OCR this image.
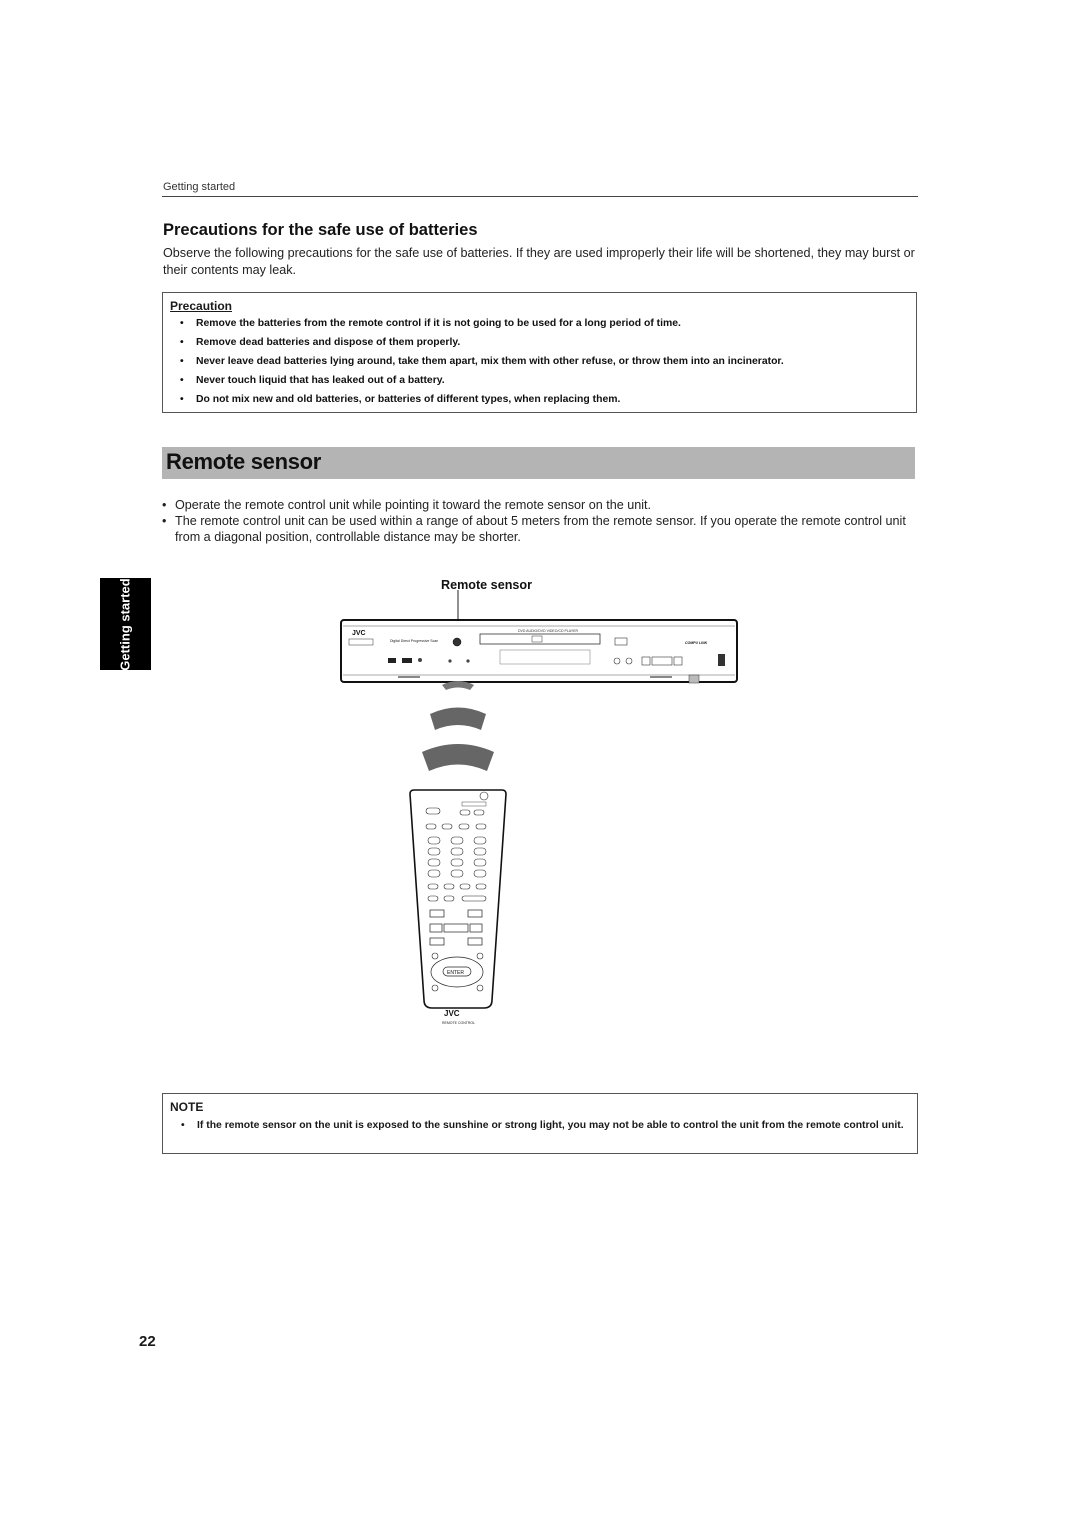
Getting started
Precautions for the safe use of batteries
Observe the following precautions for the safe use of batteries. If they are used improperly their life will be shortened, they may burst or their contents may leak.
Precaution
• Remove the batteries from the remote control if it is not going to be used for a long period of time.
• Remove dead batteries and dispose of them properly.
• Never leave dead batteries lying around, take them apart, mix them with other refuse, or throw them into an incinerator.
• Never touch liquid that has leaked out of a battery.
• Do not mix new and old batteries, or batteries of different types, when replacing them.
Remote sensor
• Operate the remote control unit while pointing it toward the remote sensor on the unit.
• The remote control unit can be used within a range of about 5 meters from the remote sensor. If you operate the remote control unit from a diagonal position, controllable distance may be shorter.
Getting started	Remote sensor
JVC
Digital Direct Progressive Scan
DVD AUDIO/DVD VIDEO/CD PLAYER
COMPU LINK
ENTER
JVC
REMOTE CONTROL
NOTE
• If the remote sensor on the unit is exposed to the sunshine or strong light, you may not be able to control the unit from the remote control unit.
22
